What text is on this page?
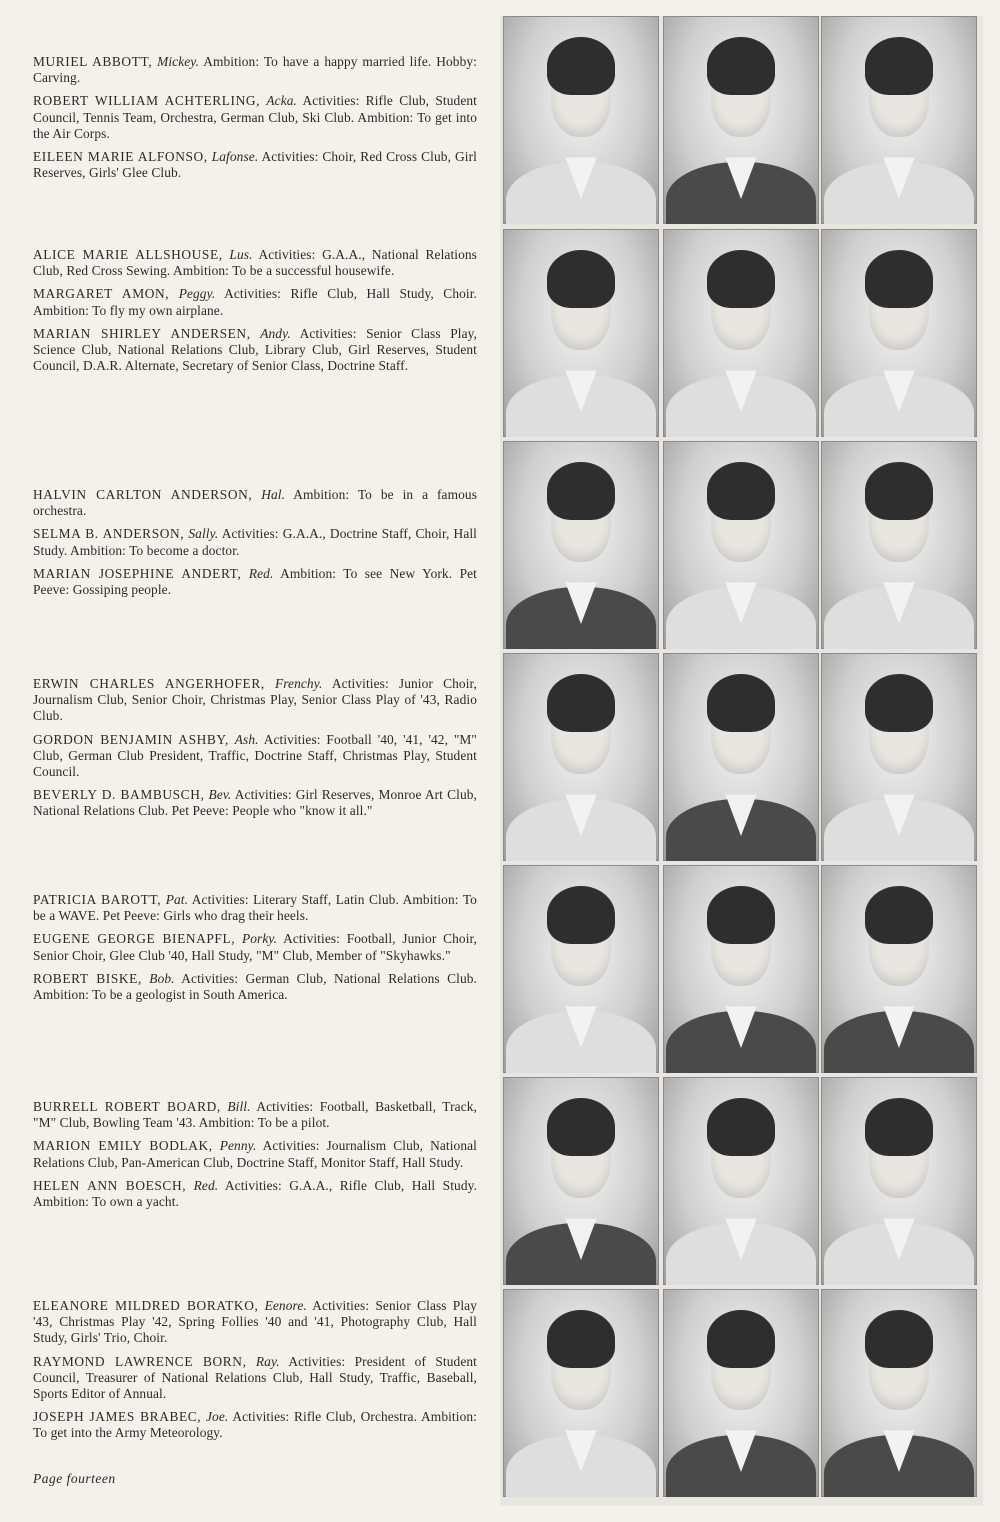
MURIEL ABBOTT, Mickey. Ambition: To have a happy married life. Hobby: Carving.

ROBERT WILLIAM ACHTERLING, Acka. Activities: Rifle Club, Student Council, Tennis Team, Orchestra, German Club, Ski Club. Ambition: To get into the Air Corps.

EILEEN MARIE ALFONSO, Lafonse. Activities: Choir, Red Cross Club, Girl Reserves, Girls' Glee Club.

ALICE MARIE ALLSHOUSE, Lus. Activities: G.A.A., National Relations Club, Red Cross Sewing. Ambition: To be a successful housewife.

MARGARET AMON, Peggy. Activities: Rifle Club, Hall Study, Choir. Ambition: To fly my own airplane.

MARIAN SHIRLEY ANDERSEN, Andy. Activities: Senior Class Play, Science Club, National Relations Club, Library Club, Girl Reserves, Student Council, D.A.R. Alternate, Secretary of Senior Class, Doctrine Staff.

HALVIN CARLTON ANDERSON, Hal. Ambition: To be in a famous orchestra.

SELMA B. ANDERSON, Sally. Activities: G.A.A., Doctrine Staff, Choir, Hall Study. Ambition: To become a doctor.

MARIAN JOSEPHINE ANDERT, Red. Ambition: To see New York. Pet Peeve: Gossiping people.

ERWIN CHARLES ANGERHOFER, Frenchy. Activities: Junior Choir, Journalism Club, Senior Choir, Christmas Play, Senior Class Play of '43, Radio Club.

GORDON BENJAMIN ASHBY, Ash. Activities: Football '40, '41, '42, "M" Club, German Club President, Traffic, Doctrine Staff, Christmas Play, Student Council.

BEVERLY D. BAMBUSCH, Bev. Activities: Girl Reserves, Monroe Art Club, National Relations Club. Pet Peeve: People who "know it all."

PATRICIA BAROTT, Pat. Activities: Literary Staff, Latin Club. Ambition: To be a WAVE. Pet Peeve: Girls who drag their heels.

EUGENE GEORGE BIENAPFL, Porky. Activities: Football, Junior Choir, Senior Choir, Glee Club '40, Hall Study, "M" Club, Member of "Skyhawks."

ROBERT BISKE, Bob. Activities: German Club, National Relations Club. Ambition: To be a geologist in South America.

BURRELL ROBERT BOARD, Bill. Activities: Football, Basketball, Track, "M" Club, Bowling Team '43. Ambition: To be a pilot.

MARION EMILY BODLAK, Penny. Activities: Journalism Club, National Relations Club, Pan-American Club, Doctrine Staff, Monitor Staff, Hall Study.

HELEN ANN BOESCH, Red. Activities: G.A.A., Rifle Club, Hall Study. Ambition: To own a yacht.

ELEANORE MILDRED BORATKO, Eenore. Activities: Senior Class Play '43, Christmas Play '42, Spring Follies '40 and '41, Photography Club, Hall Study, Girls' Trio, Choir.

RAYMOND LAWRENCE BORN, Ray. Activities: President of Student Council, Treasurer of National Relations Club, Hall Study, Traffic, Baseball, Sports Editor of Annual.

JOSEPH JAMES BRABEC, Joe. Activities: Rifle Club, Orchestra. Ambition: To get into the Army Meteorology.

Page fourteen
